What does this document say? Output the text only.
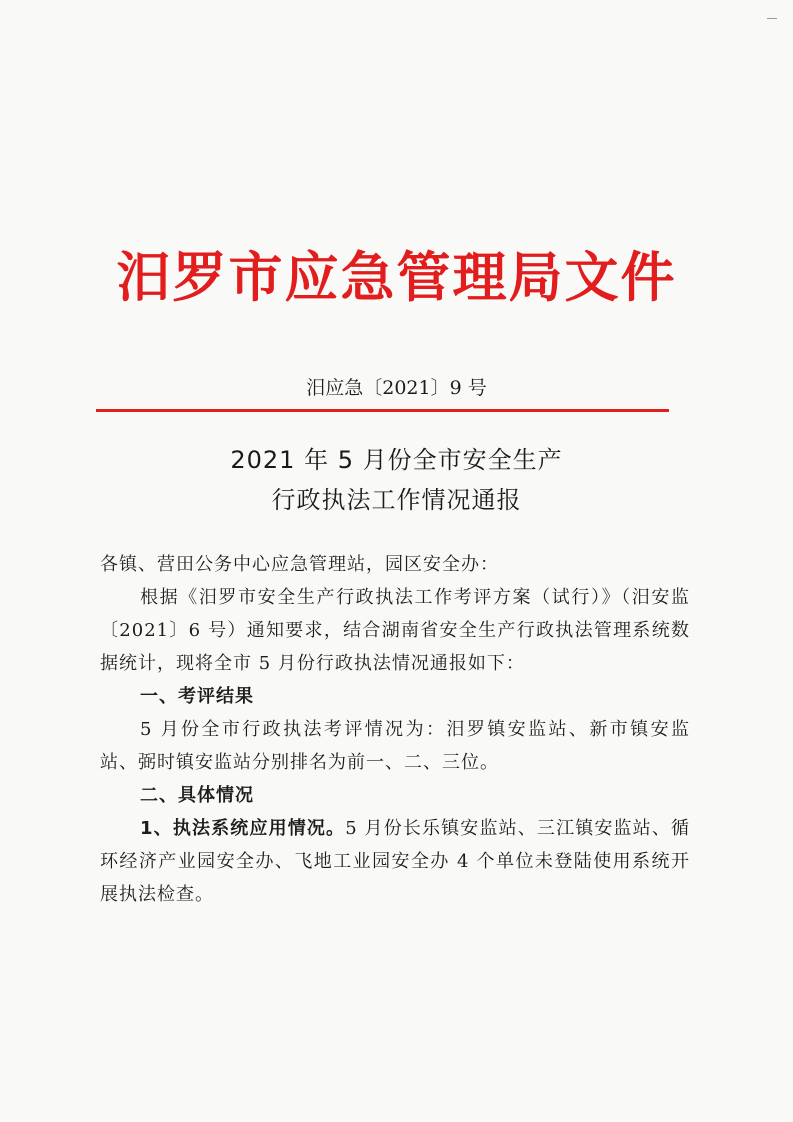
汨罗市应急管理局文件
汨应急〔2021〕9 号
2021 年 5 月份全市安全生产
行政执法工作情况通报

各镇、营田公务中心应急管理站，园区安全办：

根据《汨罗市安全生产行政执法工作考评方案（试行）》（汨安监〔2021〕6 号）通知要求，结合湖南省安全生产行政执法管理系统数据统计，现将全市 5 月份行政执法情况通报如下：

一、考评结果

5 月份全市行政执法考评情况为：汨罗镇安监站、新市镇安监站、弼时镇安监站分别排名为前一、二、三位。

二、具体情况

1、执法系统应用情况。5 月份长乐镇安监站、三江镇安监站、循环经济产业园安全办、飞地工业园安全办 4 个单位未登陆使用系统开展执法检查。
